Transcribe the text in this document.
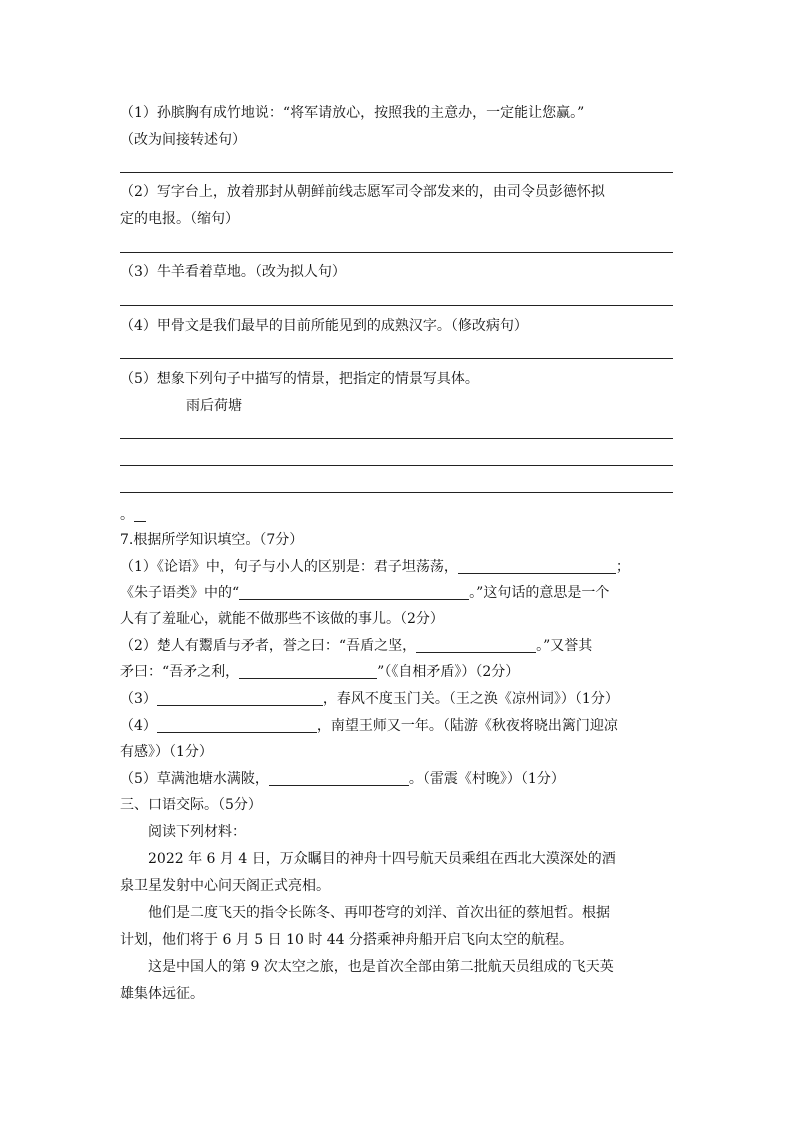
（1）孙膑胸有成竹地说：“将军请放心，按照我的主意办，一定能让您赢。”
（改为间接转述句）
（2）写字台上，放着那封从朝鲜前线志愿军司令部发来的，由司令员彭德怀拟
定的电报。（缩句）
（3）牛羊看着草地。（改为拟人句）
（4）甲骨文是我们最早的目前所能见到的成熟汉字。（修改病句）
（5）想象下列句子中描写的情景，把指定的情景写具体。
雨后荷塘
。
7.根据所学知识填空。（7分）
（1）《论语》中，句子与小人的区别是：君子坦荡荡，	；
《朱子语类》中的“	。”这句话的意思是一个
人有了羞耻心，就能不做那些不该做的事儿。（2分）
（2）楚人有鬻盾与矛者，誉之曰：“吾盾之坚，	。”又誉其
矛曰：“吾矛之利，	”（《自相矛盾》）（2分）
（3）	，春风不度玉门关。（王之涣《凉州词》）（1分）
（4）	，南望王师又一年。（陆游《秋夜将晓出篱门迎凉
有感》）（1分）
（5）草满池塘水满陂，	。（雷震《村晚》）（1分）
三、口语交际。（5分）
阅读下列材料：
2022 年 6 月 4 日，万众瞩目的神舟十四号航天员乘组在西北大漠深处的酒
泉卫星发射中心问天阁正式亮相。
他们是二度飞天的指令长陈冬、再叩苍穹的刘洋、首次出征的蔡旭哲。根据
计划，他们将于 6 月 5 日 10 时 44 分搭乘神舟船开启飞向太空的航程。
这是中国人的第 9 次太空之旅，也是首次全部由第二批航天员组成的飞天英
雄集体远征。
